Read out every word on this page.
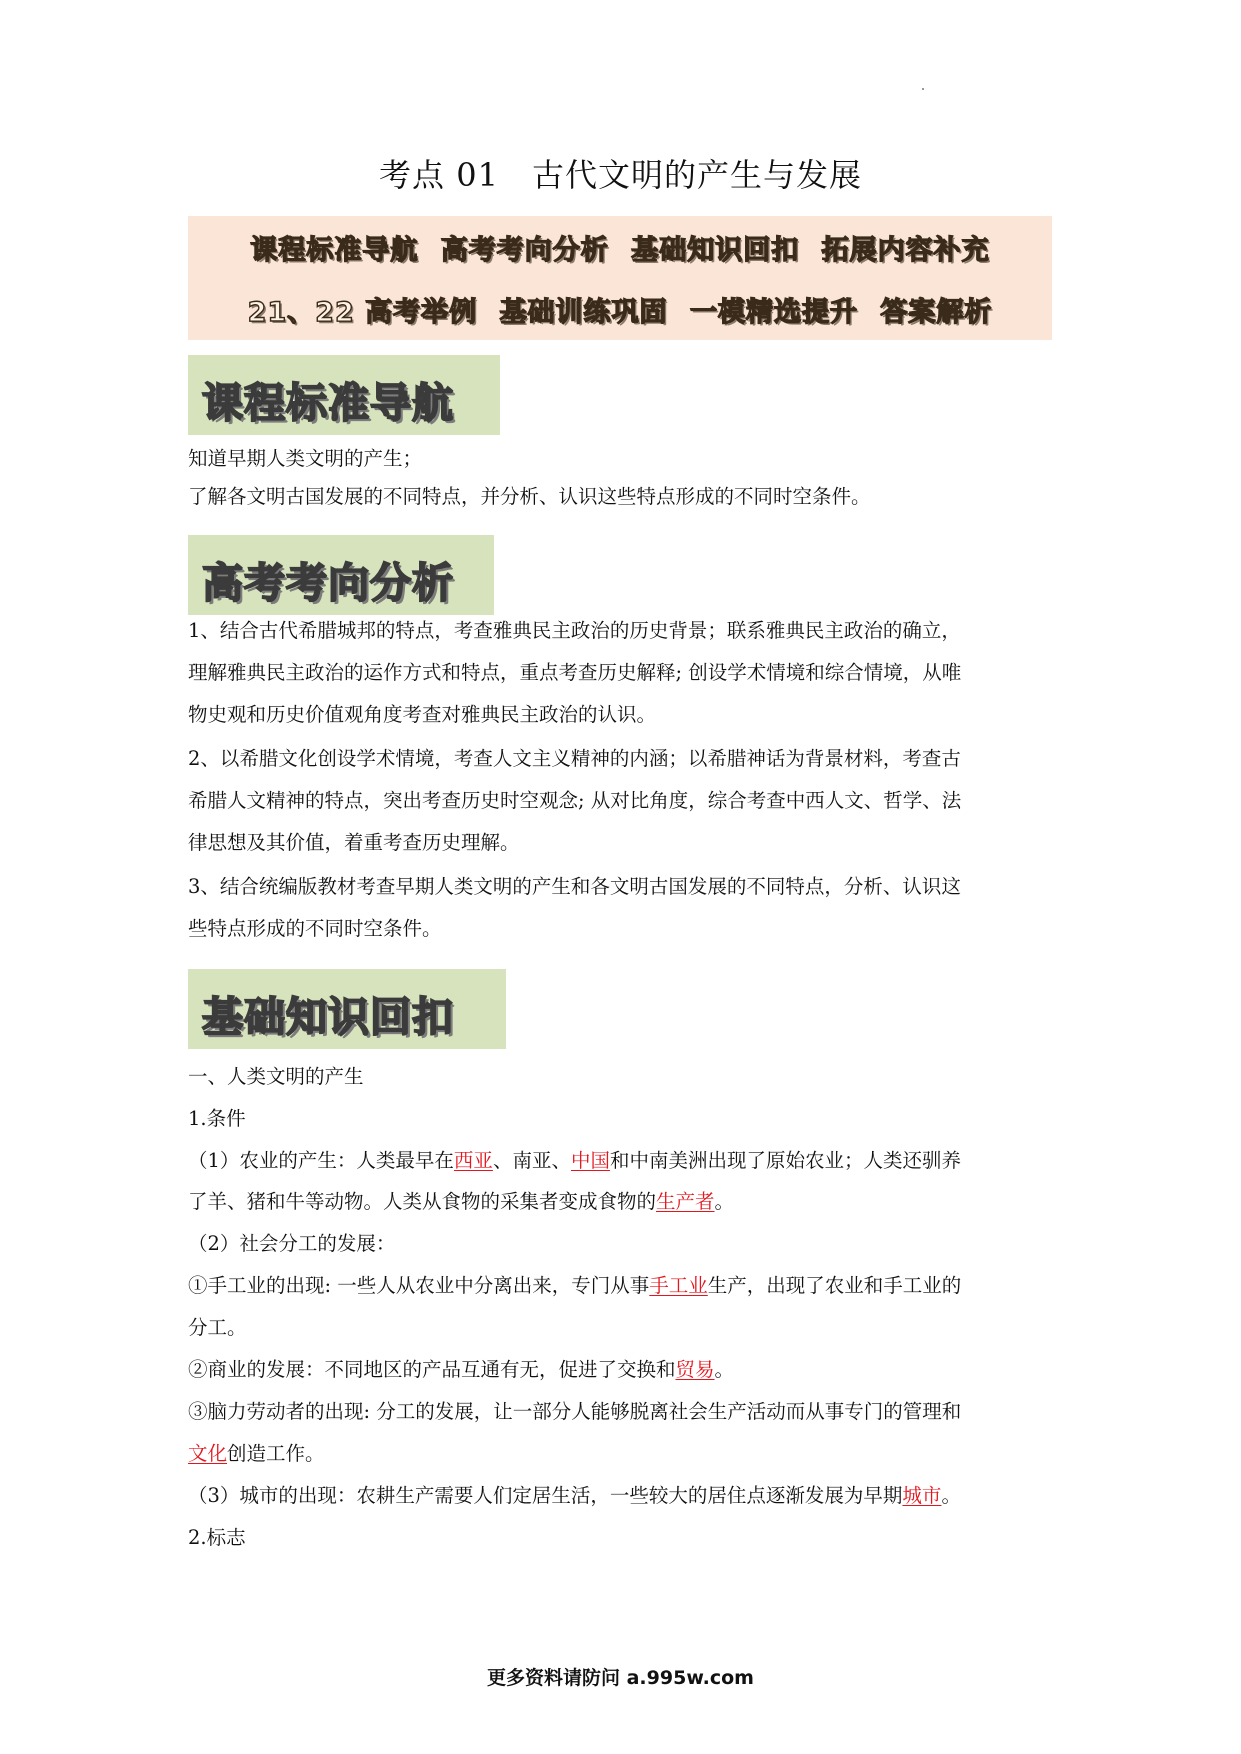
考点 01　古代文明的产生与发展
课程标准导航 高考考向分析 基础知识回扣 拓展内容补充
21、22 高考举例 基础训练巩固 一模精选提升 答案解析
课程标准导航
高考考向分析
基础知识回扣
知道早期人类文明的产生；
了解各文明古国发展的不同特点，并分析、认识这些特点形成的不同时空条件。
1、结合古代希腊城邦的特点，考查雅典民主政治的历史背景；联系雅典民主政治的确立，
理解雅典民主政治的运作方式和特点，重点考查历史解释; 创设学术情境和综合情境，从唯
物史观和历史价值观角度考查对雅典民主政治的认识。
2、以希腊文化创设学术情境，考查人文主义精神的内涵；以希腊神话为背景材料，考查古
希腊人文精神的特点，突出考查历史时空观念; 从对比角度，综合考查中西人文、哲学、法
律思想及其价值，着重考查历史理解。
3、结合统编版教材考查早期人类文明的产生和各文明古国发展的不同特点，分析、认识这
些特点形成的不同时空条件。
一、人类文明的产生
1.条件
（1）农业的产生：人类最早在西亚、南亚、中国和中南美洲出现了原始农业；人类还驯养
了羊、猪和牛等动物。人类从食物的采集者变成食物的生产者。
（2）社会分工的发展：
①手工业的出现: 一些人从农业中分离出来，专门从事手工业生产，出现了农业和手工业的
分工。
②商业的发展：不同地区的产品互通有无，促进了交换和贸易。
③脑力劳动者的出现: 分工的发展，让一部分人能够脱离社会生产活动而从事专门的管理和
文化创造工作。
（3）城市的出现：农耕生产需要人们定居生活，一些较大的居住点逐渐发展为早期城市。
2.标志
更多资料请防问 a.995w.com
